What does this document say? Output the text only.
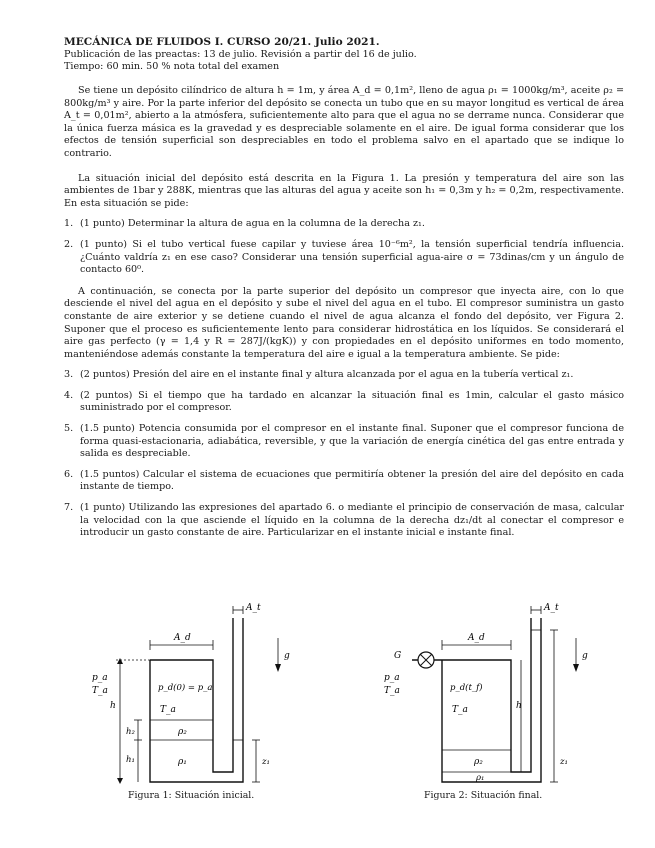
MECÁNICA DE FLUIDOS I. CURSO 20/21. Julio 2021.
Publicación de las preactas: 13 de julio. Revisión a partir del 16 de julio.
Tiempo: 60 min. 50 % nota total del examen

Se tiene un depósito cilíndrico de altura h = 1m, y área A_d = 0,1m², lleno de agua ρ₁ = 1000kg/m³, aceite ρ₂ = 800kg/m³ y aire. Por la parte inferior del depósito se conecta un tubo que en su mayor longitud es vertical de área A_t = 0,01m², abierto a la atmósfera, suficientemente alto para que el agua no se derrame nunca. Considerar que la única fuerza másica es la gravedad y es despreciable solamente en el aire. De igual forma considerar que los efectos de tensión superficial son despreciables en todo el problema salvo en el apartado que se indique lo contrario.

La situación inicial del depósito está descrita en la Figura 1. La presión y temperatura del aire son las ambientes de 1bar y 288K, mientras que las alturas del agua y aceite son h₁ = 0,3m y h₂ = 0,2m, respectivamente. En esta situación se pide:

1. (1 punto) Determinar la altura de agua en la columna de la derecha z₁.
2. (1 punto) Si el tubo vertical fuese capilar y tuviese área 10⁻⁶m², la tensión superficial tendría influencia. ¿Cuánto valdría z₁ en ese caso? Considerar una tensión superficial agua-aire σ = 73dinas/cm y un ángulo de contacto 60⁰.

A continuación, se conecta por la parte superior del depósito un compresor que inyecta aire, con lo que desciende el nivel del agua en el depósito y sube el nivel del agua en el tubo. El compresor suministra un gasto constante de aire exterior y se detiene cuando el nivel de agua alcanza el fondo del depósito, ver Figura 2. Suponer que el proceso es suficientemente lento para considerar hidrostática en los líquidos. Se considerará el aire gas perfecto (γ = 1,4 y R = 287J/(kgK)) y con propiedades en el depósito uniformes en todo momento, manteniéndose además constante la temperatura del aire e igual a la temperatura ambiente. Se pide:

3. (2 puntos) Presión del aire en el instante final y altura alcanzada por el agua en la tubería vertical z₁.
4. (2 puntos) Si el tiempo que ha tardado en alcanzar la situación final es 1min, calcular el gasto másico suministrado por el compresor.
5. (1.5 punto) Potencia consumida por el compresor en el instante final. Suponer que el compresor funciona de forma quasi-estacionaria, adiabática, reversible, y que la variación de energía cinética del gas entre entrada y salida es despreciable.
6. (1.5 puntos) Calcular el sistema de ecuaciones que permitiría obtener la presión del aire del depósito en cada instante de tiempo.
7. (1 punto) Utilizando las expresiones del apartado 6. o mediante el principio de conservación de masa, calcular la velocidad con la que asciende el líquido en la columna de la derecha dz₁/dt al conectar el compresor e introducir un gasto constante de aire. Particularizar en el instante inicial e instante final.
A_t
A_d
g
p_a
T_a
h
p_d(0) = p_a
T_a
h₂
h₁
ρ₂
ρ₁	z₁
Figura 1: Situación inicial.
A_t
A_d
G	g
p_a
T_a
h
p_d(t_f)
T_a
ρ₂
ρ₁
z₁
Figura 2: Situación final.
